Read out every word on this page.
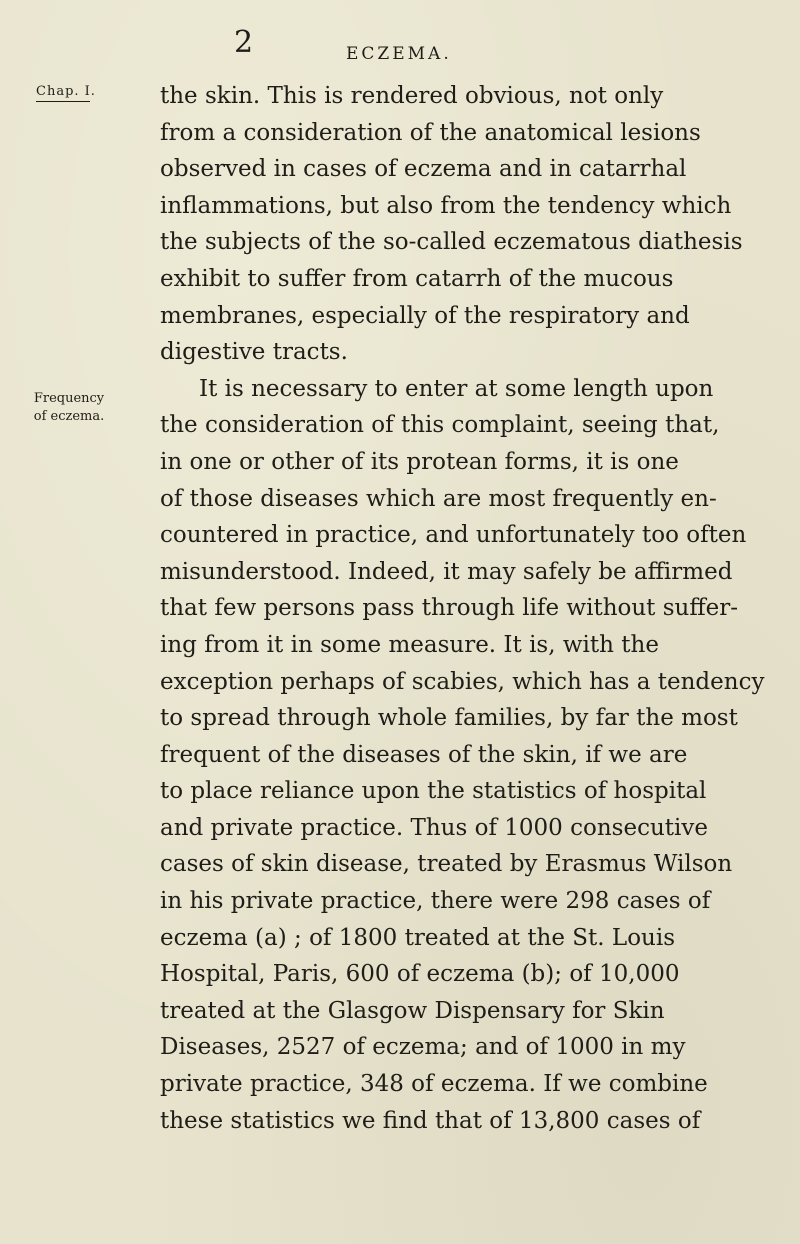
2	ECZEMA.
Chap. I.
Frequency of eczema.
the skin. This is rendered obvious, not only
from a consideration of the anatomical lesions
observed in cases of eczema and in catarrhal
inflammations, but also from the tendency which
the subjects of the so-called eczematous diathesis
exhibit to suffer from catarrh of the mucous
membranes, especially of the respiratory and
digestive tracts.
It is necessary to enter at some length upon
the consideration of this complaint, seeing that,
in one or other of its protean forms, it is one
of those diseases which are most frequently en-
countered in practice, and unfortunately too often
misunderstood. Indeed, it may safely be affirmed
that few persons pass through life without suffer-
ing from it in some measure. It is, with the
exception perhaps of scabies, which has a tendency
to spread through whole families, by far the most
frequent of the diseases of the skin, if we are
to place reliance upon the statistics of hospital
and private practice. Thus of 1000 consecutive
cases of skin disease, treated by Erasmus Wilson
in his private practice, there were 298 cases of
eczema (a) ; of 1800 treated at the St. Louis
Hospital, Paris, 600 of eczema (b); of 10,000
treated at the Glasgow Dispensary for Skin
Diseases, 2527 of eczema; and of 1000 in my
private practice, 348 of eczema. If we combine
these statistics we find that of 13,800 cases of
